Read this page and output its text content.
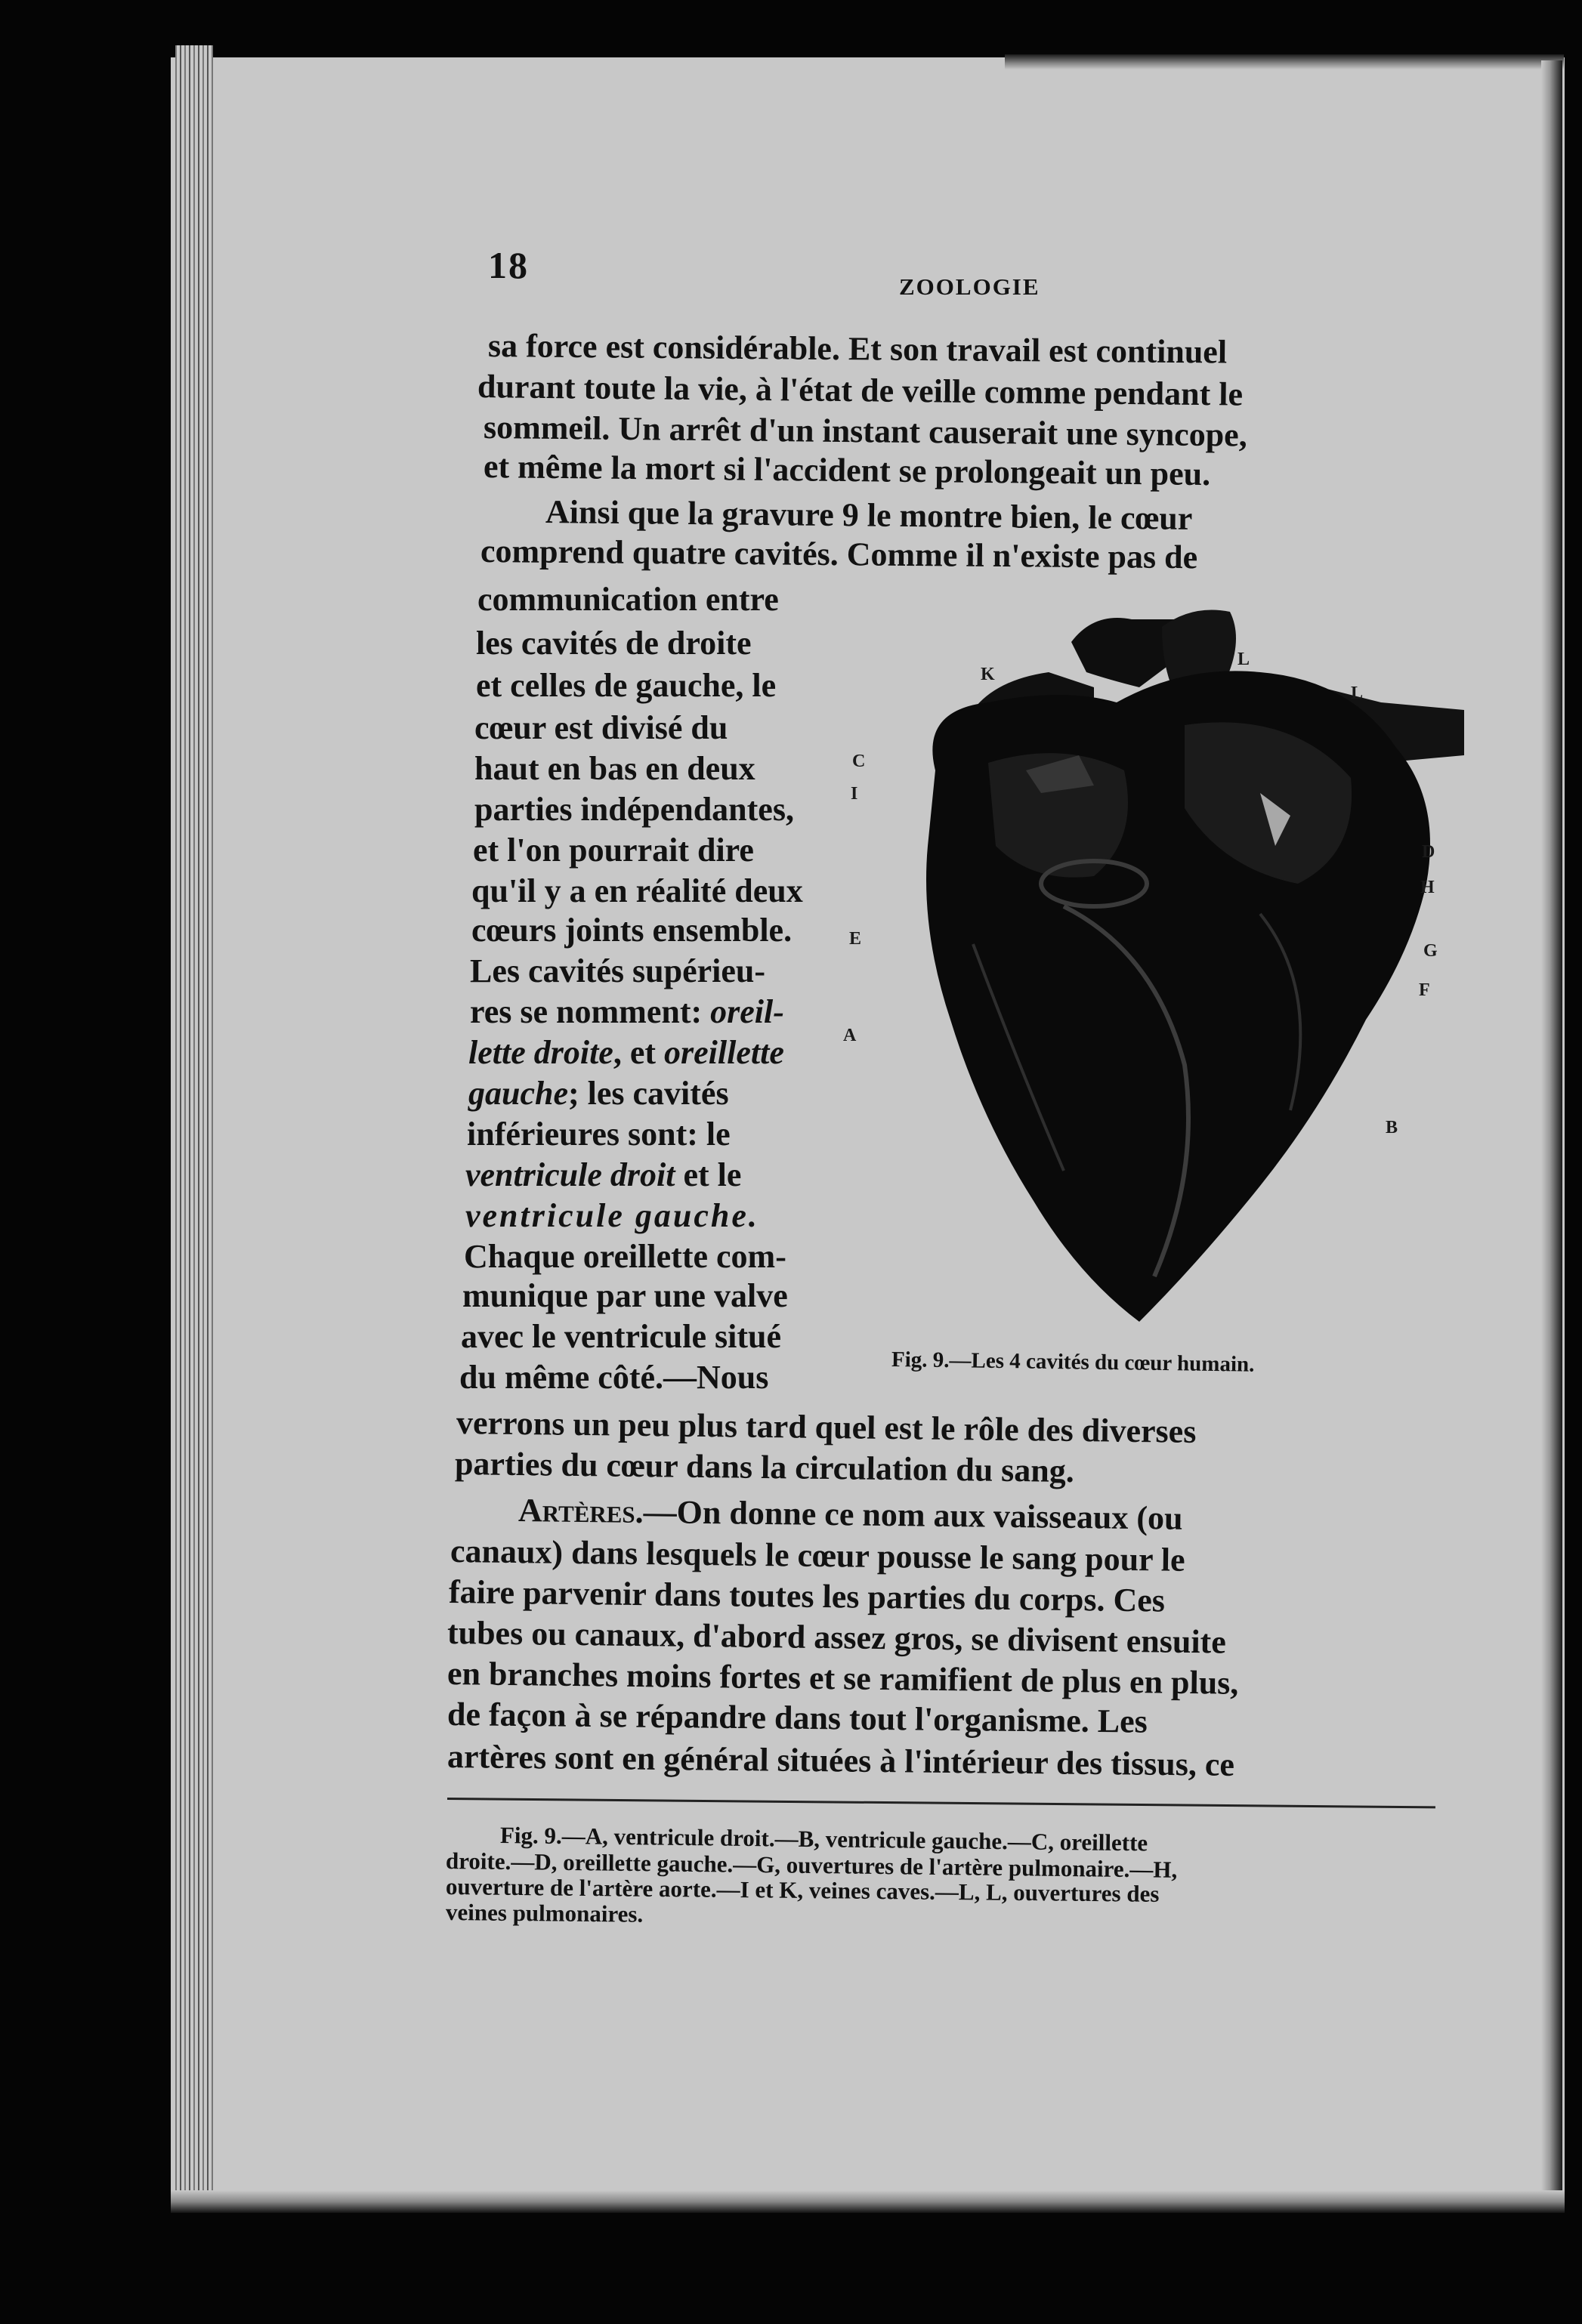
18
ZOOLOGIE
sa force est considérable. Et son travail est continuel
durant toute la vie, à l'état de veille comme pendant le
sommeil. Un arrêt d'un instant causerait une syncope,
et même la mort si l'accident se prolongeait un peu.
Ainsi que la gravure 9 le montre bien, le cœur
comprend quatre cavités. Comme il n'existe pas de
communication entre
les cavités de droite
et celles de gauche, le
cœur est divisé du
haut en bas en deux
parties indépendantes,
et l'on pourrait dire
qu'il y a en réalité deux
cœurs joints ensemble.
Les cavités supérieu-
res se nomment: oreil-
lette droite, et oreillette
gauche; les cavités
inférieures sont: le
ventricule droit et le
ventricule gauche.
Chaque oreillette com-
munique par une valve
avec le ventricule situé
du même côté.—Nous
verrons un peu plus tard quel est le rôle des diverses
parties du cœur dans la circulation du sang.
Artères.—On donne ce nom aux vaisseaux (ou
canaux) dans lesquels le cœur pousse le sang pour le
faire parvenir dans toutes les parties du corps. Ces
tubes ou canaux, d'abord assez gros, se divisent ensuite
en branches moins fortes et se ramifient de plus en plus,
de façon à se répandre dans tout l'organisme. Les
artères sont en général situées à l'intérieur des tissus, ce
K
L
L
C
I
D
H
G
F
E
A
B
Fig. 9.—Les 4 cavités du cœur humain.
Fig. 9.—A, ventricule droit.—B, ventricule gauche.—C, oreillette
droite.—D, oreillette gauche.—G, ouvertures de l'artère pulmonaire.—H,
ouverture de l'artère aorte.—I et K, veines caves.—L, L, ouvertures des
veines pulmonaires.
